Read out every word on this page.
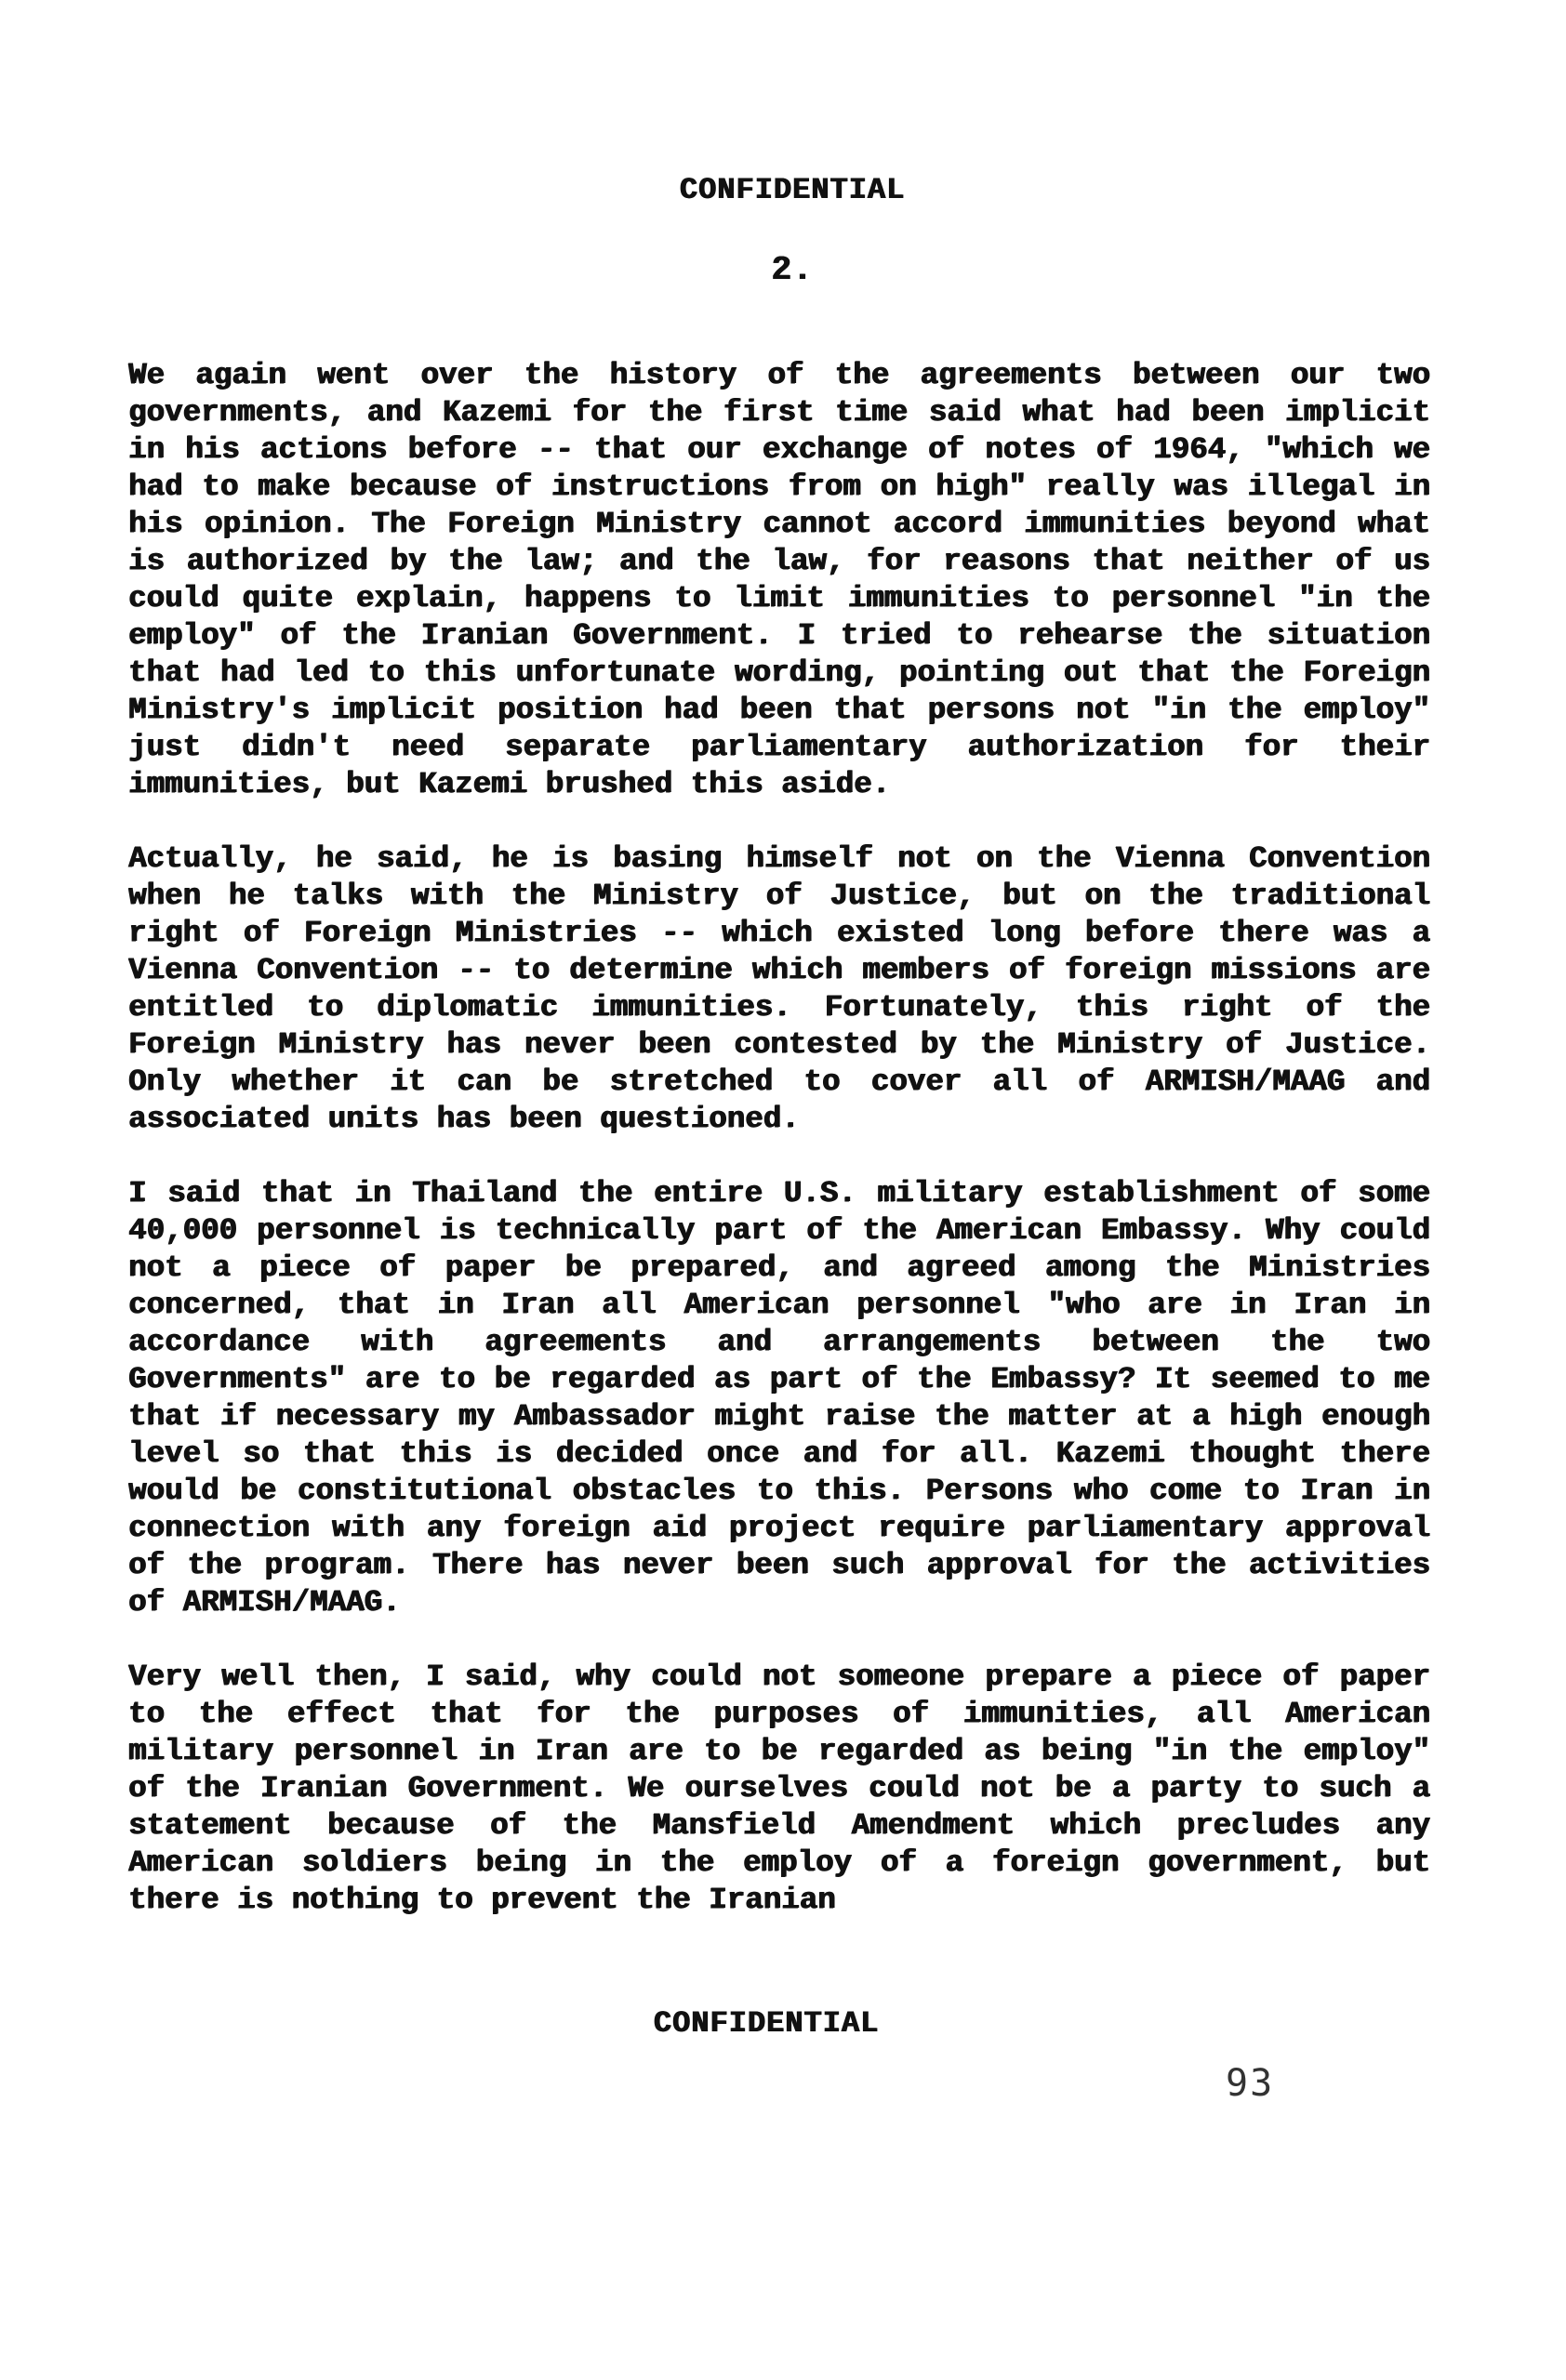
CONFIDENTIAL
2.

We again went over the history of the agreements between our two governments, and Kazemi for the first time said what had been implicit in his actions before -- that our exchange of notes of 1964, "which we had to make because of instructions from on high" really was illegal in his opinion. The Foreign Ministry cannot accord immunities beyond what is authorized by the law; and the law, for reasons that neither of us could quite explain, happens to limit immunities to personnel "in the employ" of the Iranian Government. I tried to rehearse the situation that had led to this unfortunate wording, pointing out that the Foreign Ministry's implicit position had been that persons not "in the employ" just didn't need separate parliamentary authorization for their immunities, but Kazemi brushed this aside.

Actually, he said, he is basing himself not on the Vienna Convention when he talks with the Ministry of Justice, but on the traditional right of Foreign Ministries -- which existed long before there was a Vienna Convention -- to determine which members of foreign missions are entitled to diplomatic immunities. Fortunately, this right of the Foreign Ministry has never been contested by the Ministry of Justice. Only whether it can be stretched to cover all of ARMISH/MAAG and associated units has been questioned.

I said that in Thailand the entire U.S. military establishment of some 40,000 personnel is technically part of the American Embassy. Why could not a piece of paper be prepared, and agreed among the Ministries concerned, that in Iran all American personnel "who are in Iran in accordance with agreements and arrangements between the two Governments" are to be regarded as part of the Embassy? It seemed to me that if necessary my Ambassador might raise the matter at a high enough level so that this is decided once and for all. Kazemi thought there would be constitutional obstacles to this. Persons who come to Iran in connection with any foreign aid project require parliamentary approval of the program. There has never been such approval for the activities of ARMISH/MAAG.

Very well then, I said, why could not someone prepare a piece of paper to the effect that for the purposes of immunities, all American military personnel in Iran are to be regarded as being "in the employ" of the Iranian Government. We ourselves could not be a party to such a statement because of the Mansfield Amendment which precludes any American soldiers being in the employ of a foreign government, but there is nothing to prevent the Iranian

CONFIDENTIAL
93
